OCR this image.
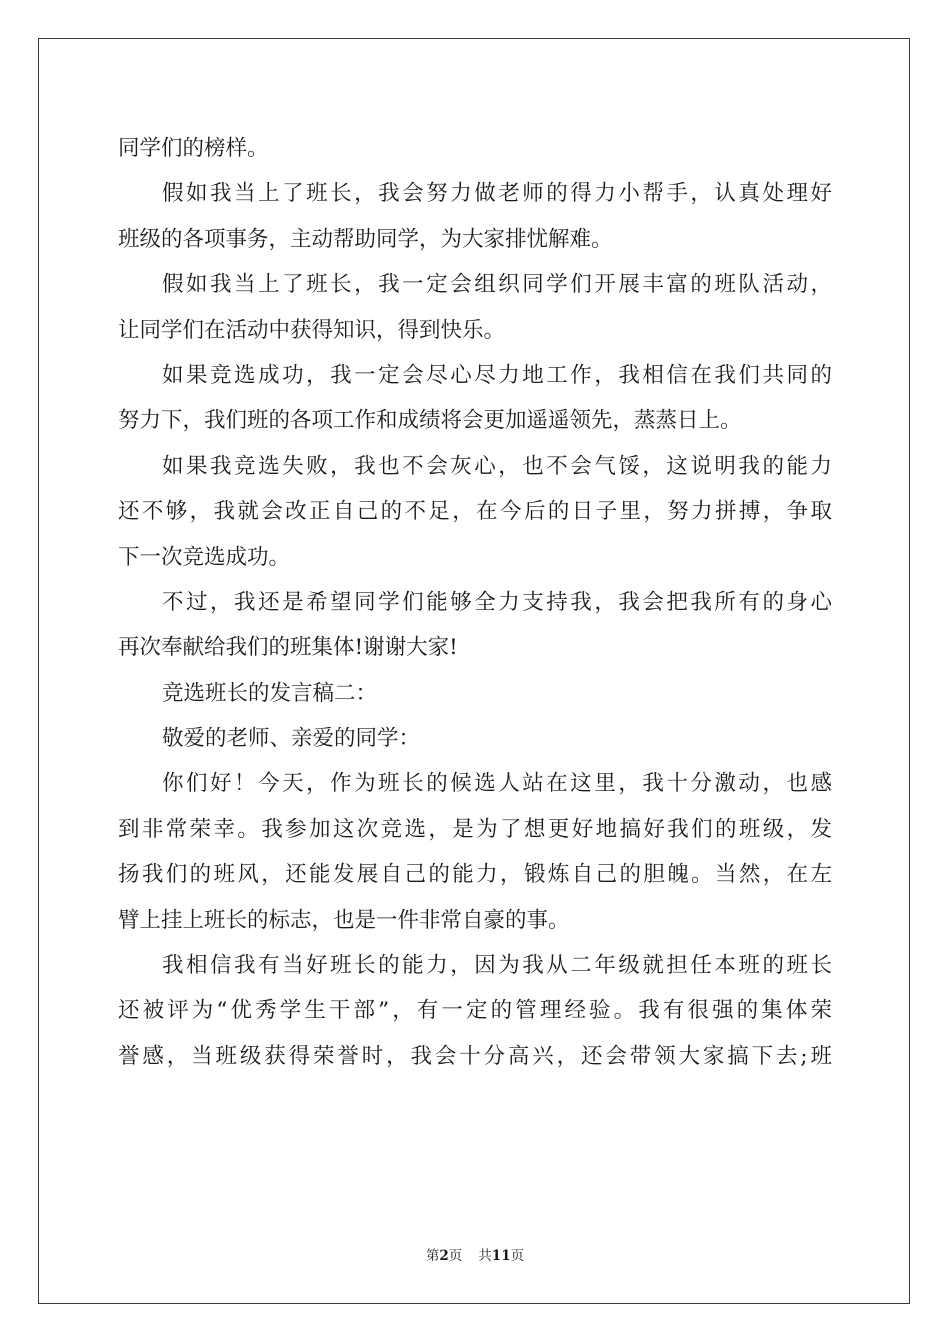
同学们的榜样。
假如我当上了班长，我会努力做老师的得力小帮手，认真处理好
班级的各项事务，主动帮助同学，为大家排忧解难。
假如我当上了班长，我一定会组织同学们开展丰富的班队活动，
让同学们在活动中获得知识，得到快乐。
如果竞选成功，我一定会尽心尽力地工作，我相信在我们共同的
努力下，我们班的各项工作和成绩将会更加遥遥领先，蒸蒸日上。
如果我竞选失败，我也不会灰心，也不会气馁，这说明我的能力
还不够，我就会改正自己的不足，在今后的日子里，努力拼搏，争取
下一次竞选成功。
不过，我还是希望同学们能够全力支持我，我会把我所有的身心
再次奉献给我们的班集体!谢谢大家!
竞选班长的发言稿二：
敬爱的老师、亲爱的同学：
你们好！今天，作为班长的候选人站在这里，我十分激动，也感
到非常荣幸。我参加这次竞选，是为了想更好地搞好我们的班级，发
扬我们的班风，还能发展自己的能力，锻炼自己的胆魄。当然，在左
臂上挂上班长的标志，也是一件非常自豪的事。
我相信我有当好班长的能力，因为我从二年级就担任本班的班长
还被评为“优秀学生干部”，有一定的管理经验。我有很强的集体荣
誉感，当班级获得荣誉时，我会十分高兴，还会带领大家搞下去;班
第2页 共11页
